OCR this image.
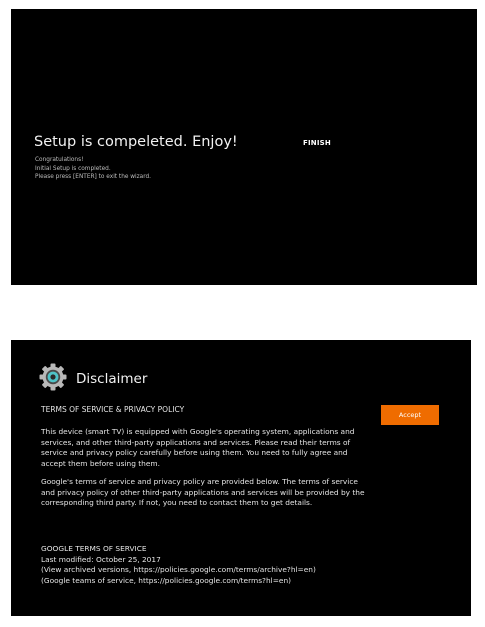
Setup is compeleted. Enjoy!
Congratulations!
Initial Setup is completed.
Please press [ENTER] to exit the wizard.
FINISH
Disclaimer
TERMS OF SERVICE & PRIVACY POLICY
Accept

This device (smart TV) is equipped with Google's operating system, applications and services, and other third-party applications and services. Please read their terms of service and privacy policy carefully before using them. You need to fully agree and accept them before using them.

Google's terms of service and privacy policy are provided below. The terms of service and privacy policy of other third-party applications and services will be provided by the corresponding third party. If not, you need to contact them to get details.

GOOGLE TERMS OF SERVICE
Last modified: October 25, 2017
(View archived versions, https://policies.google.com/terms/archive?hl=en)
(Google teams of service, https://policies.google.com/terms?hl=en)
